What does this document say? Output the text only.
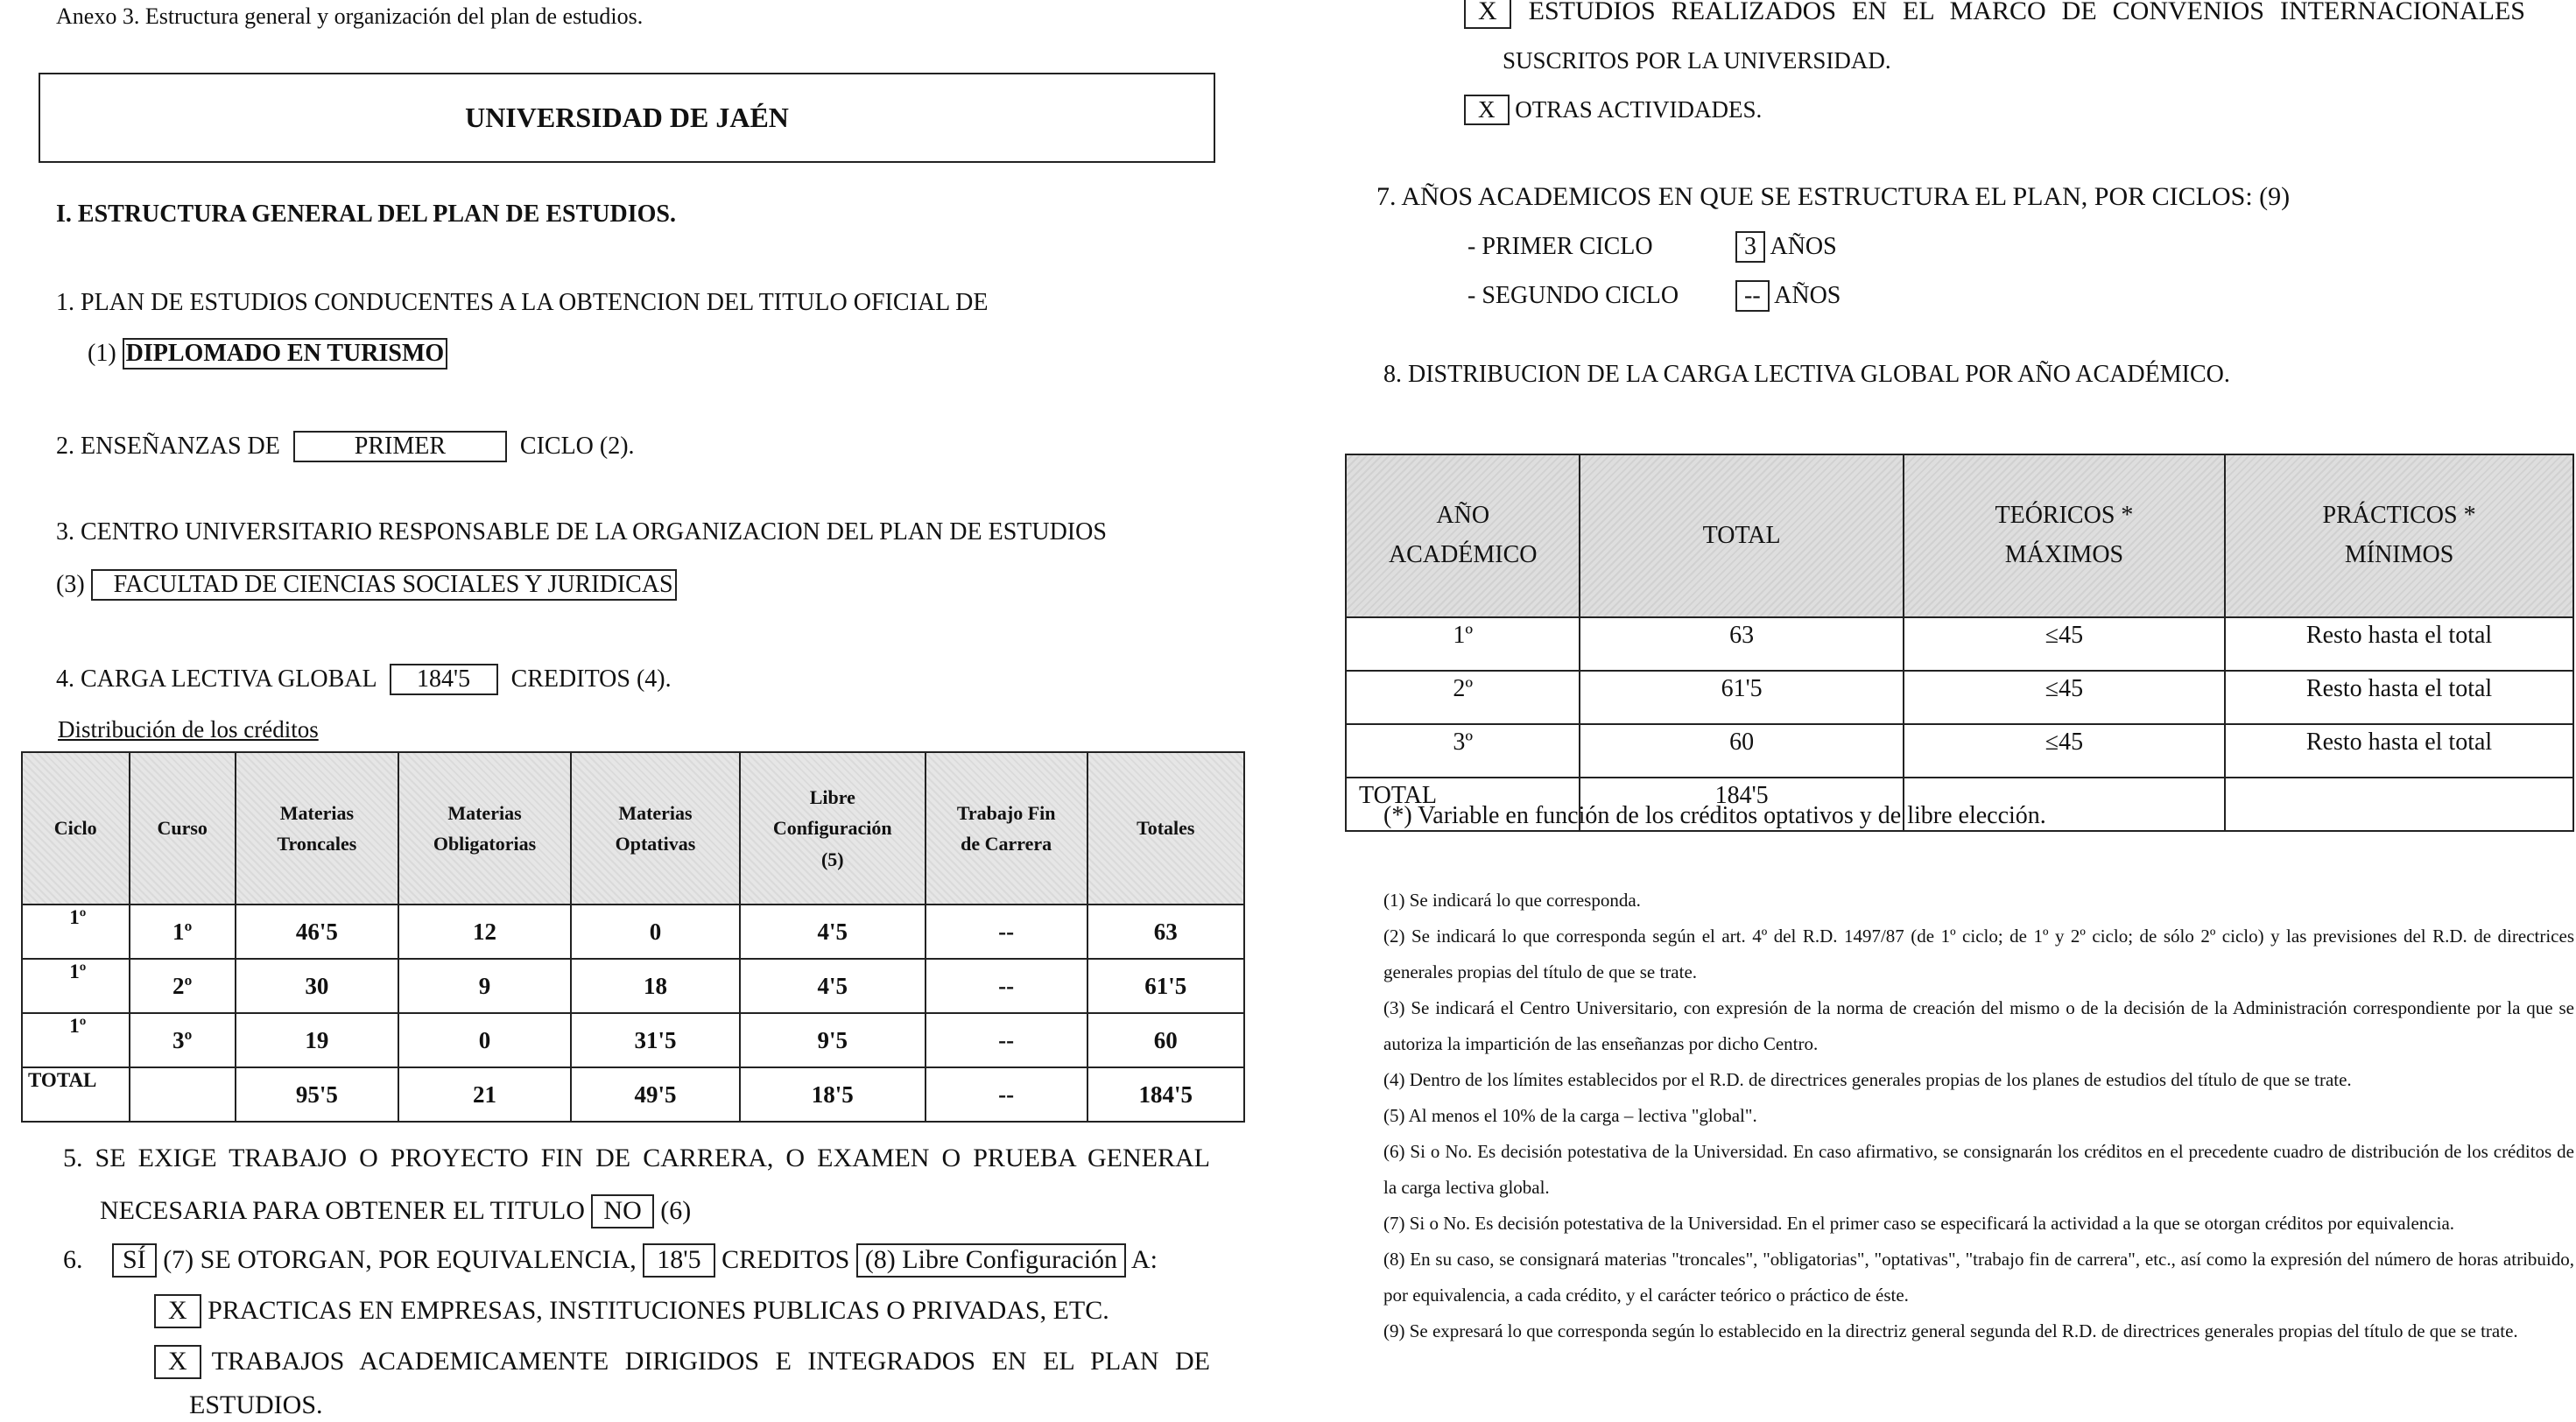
Anexo 3. Estructura general y organización del plan de estudios.
UNIVERSIDAD DE JAÉN
I. ESTRUCTURA GENERAL DEL PLAN DE ESTUDIOS.
1. PLAN DE ESTUDIOS CONDUCENTES A LA OBTENCION DEL TITULO OFICIAL DE
(1) DIPLOMADO EN TURISMO
2. ENSEÑANZAS DE	PRIMER	CICLO (2).
3. CENTRO UNIVERSITARIO RESPONSABLE DE LA ORGANIZACION DEL PLAN DE ESTUDIOS
(3) FACULTAD DE CIENCIAS SOCIALES Y JURIDICAS
4. CARGA LECTIVA GLOBAL 184'5 CREDITOS (4).
Distribución de los créditos
Ciclo	Curso	Materias Troncales	Materias Obligatorias	Materias Optativas	Libre Configuración (5)	Trabajo Fin de Carrera	Totales
1º	1º	46'5	12	0	4'5	--	63
1º	2º	30	9	18	4'5	--	61'5
1º	3º	19	0	31'5	9'5	--	60
TOTAL		95'5	21	49'5	18'5	--	184'5
5. SE EXIGE TRABAJO O PROYECTO FIN DE CARRERA, O EXAMEN O PRUEBA GENERAL
NECESARIA PARA OBTENER EL TITULO NO (6)
6. SÍ (7) SE OTORGAN, POR EQUIVALENCIA, 18'5 CREDITOS (8) Libre Configuración A:
X PRACTICAS EN EMPRESAS, INSTITUCIONES PUBLICAS O PRIVADAS, ETC.
X TRABAJOS ACADEMICAMENTE DIRIGIDOS E INTEGRADOS EN EL PLAN DE
ESTUDIOS.
X	ESTUDIOS REALIZADOS EN EL MARCO DE CONVENIOS INTERNACIONALES
SUSCRITOS POR LA UNIVERSIDAD.
X OTRAS ACTIVIDADES.
7. AÑOS ACADEMICOS EN QUE SE ESTRUCTURA EL PLAN, POR CICLOS: (9)
- PRIMER CICLO	3 AÑOS
- SEGUNDO CICLO	-- AÑOS
8. DISTRIBUCION DE LA CARGA LECTIVA GLOBAL POR AÑO ACADÉMICO.
AÑO ACADÉMICO	TOTAL	TEÓRICOS * MÁXIMOS	PRÁCTICOS * MÍNIMOS
1º	63	≤45	Resto hasta el total
2º	61'5	≤45	Resto hasta el total
3º	60	≤45	Resto hasta el total
TOTAL	184'5		
(*) Variable en función de los créditos optativos y de libre elección.
(1) Se indicará lo que corresponda.
(2) Se indicará lo que corresponda según el art. 4º del R.D. 1497/87 (de 1º ciclo; de 1º y 2º ciclo; de sólo 2º ciclo) y las previsiones del R.D. de directrices generales propias del título de que se trate.
(3) Se indicará el Centro Universitario, con expresión de la norma de creación del mismo o de la decisión de la Administración correspondiente por la que se autoriza la impartición de las enseñanzas por dicho Centro.
(4) Dentro de los límites establecidos por el R.D. de directrices generales propias de los planes de estudios del título de que se trate.
(5) Al menos el 10% de la carga – lectiva "global".
(6) Si o No. Es decisión potestativa de la Universidad. En caso afirmativo, se consignarán los créditos en el precedente cuadro de distribución de los créditos de la carga lectiva global.
(7) Si o No. Es decisión potestativa de la Universidad. En el primer caso se especificará la actividad a la que se otorgan créditos por equivalencia.
(8) En su caso, se consignará materias "troncales", "obligatorias", "optativas", "trabajo fin de carrera", etc., así como la expresión del número de horas atribuido, por equivalencia, a cada crédito, y el carácter teórico o práctico de éste.
(9) Se expresará lo que corresponda según lo establecido en la directriz general segunda del R.D. de directrices generales propias del título de que se trate.
